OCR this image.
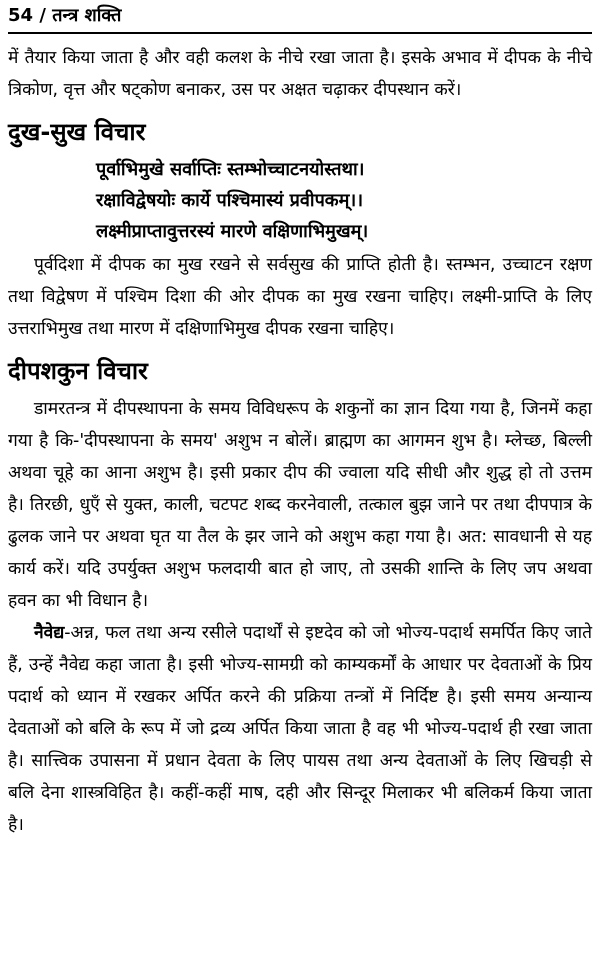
54 / तन्त्र शक्ति

में तैयार किया जाता है और वही कलश के नीचे रखा जाता है। इसके अभाव में दीपक के नीचे त्रिकोण, वृत्त और षट्कोण बनाकर, उस पर अक्षत चढ़ाकर दीपस्थान करें।

दुख-सुख विचार
पूर्वाभिमुखे सर्वाप्तिः स्तम्भोच्चाटनयोस्तथा।
रक्षाविद्वेषयोः कार्ये पश्चिमास्यं प्रवीपकम्।।
लक्ष्मीप्राप्तावुत्तरस्यं मारणे वक्षिणाभिमुखम्।

पूर्वदिशा में दीपक का मुख रखने से सर्वसुख की प्राप्ति होती है। स्तम्भन, उच्चाटन रक्षण तथा विद्वेषण में पश्चिम दिशा की ओर दीपक का मुख रखना चाहिए। लक्ष्मी-प्राप्ति के लिए उत्तराभिमुख तथा मारण में दक्षिणाभिमुख दीपक रखना चाहिए।

दीपशकुन विचार

डामरतन्त्र में दीपस्थापना के समय विविधरूप के शकुनों का ज्ञान दिया गया है, जिनमें कहा गया है कि-'दीपस्थापना के समय' अशुभ न बोलें। ब्राह्मण का आगमन शुभ है। म्लेच्छ, बिल्ली अथवा चूहे का आना अशुभ है। इसी प्रकार दीप की ज्वाला यदि सीधी और शुद्ध हो तो उत्तम है। तिरछी, धुएँ से युक्त, काली, चटपट शब्द करनेवाली, तत्काल बुझ जाने पर तथा दीपपात्र के ढुलक जाने पर अथवा घृत या तैल के झर जाने को अशुभ कहा गया है। अत: सावधानी से यह कार्य करें। यदि उपर्युक्त अशुभ फलदायी बात हो जाए, तो उसकी शान्ति के लिए जप अथवा हवन का भी विधान है।

नैवेद्य-अन्न, फल तथा अन्य रसीले पदार्थों से इष्टदेव को जो भोज्य-पदार्थ समर्पित किए जाते हैं, उन्हें नैवेद्य कहा जाता है। इसी भोज्य-सामग्री को काम्यकर्मों के आधार पर देवताओं के प्रिय पदार्थ को ध्यान में रखकर अर्पित करने की प्रक्रिया तन्त्रों में निर्दिष्ट है। इसी समय अन्यान्य देवताओं को बलि के रूप में जो द्रव्य अर्पित किया जाता है वह भी भोज्य-पदार्थ ही रखा जाता है। सात्त्विक उपासना में प्रधान देवता के लिए पायस तथा अन्य देवताओं के लिए खिचड़ी से बलि देना शास्त्रविहित है। कहीं-कहीं माष, दही और सिन्दूर मिलाकर भी बलिकर्म किया जाता है।
